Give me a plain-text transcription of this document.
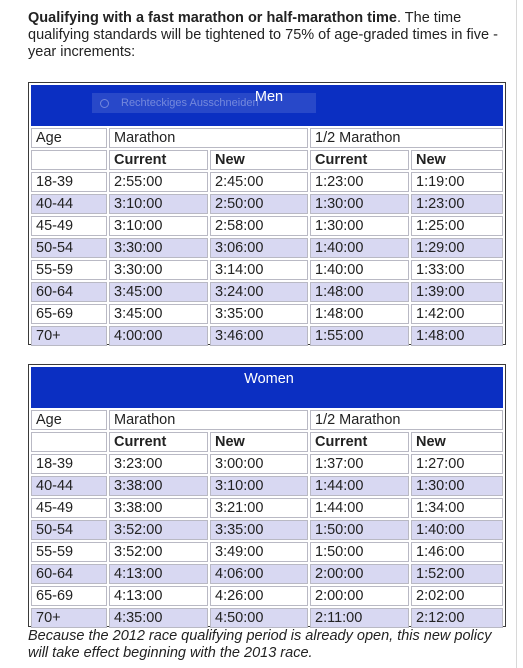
Qualifying with a fast marathon or half-marathon time. The time qualifying standards will be tightened to 75% of age-graded times in five -year increments:

Rechteckiges Ausschneiden
Men				
Age	Marathon		1/2 Marathon	
	Current	New	Current	New
18-39	2:55:00	2:45:00	1:23:00	1:19:00
40-44	3:10:00	2:50:00	1:30:00	1:23:00
45-49	3:10:00	2:58:00	1:30:00	1:25:00
50-54	3:30:00	3:06:00	1:40:00	1:29:00
55-59	3:30:00	3:14:00	1:40:00	1:33:00
60-64	3:45:00	3:24:00	1:48:00	1:39:00
65-69	3:45:00	3:35:00	1:48:00	1:42:00
70+	4:00:00	3:46:00	1:55:00	1:48:00
Women				
Age	Marathon		1/2 Marathon	
	Current	New	Current	New
18-39	3:23:00	3:00:00	1:37:00	1:27:00
40-44	3:38:00	3:10:00	1:44:00	1:30:00
45-49	3:38:00	3:21:00	1:44:00	1:34:00
50-54	3:52:00	3:35:00	1:50:00	1:40:00
55-59	3:52:00	3:49:00	1:50:00	1:46:00
60-64	4:13:00	4:06:00	2:00:00	1:52:00
65-69	4:13:00	4:26:00	2:00:00	2:02:00
70+	4:35:00	4:50:00	2:11:00	2:12:00

Because the 2012 race qualifying period is already open, this new policy will take effect beginning with the 2013 race.
